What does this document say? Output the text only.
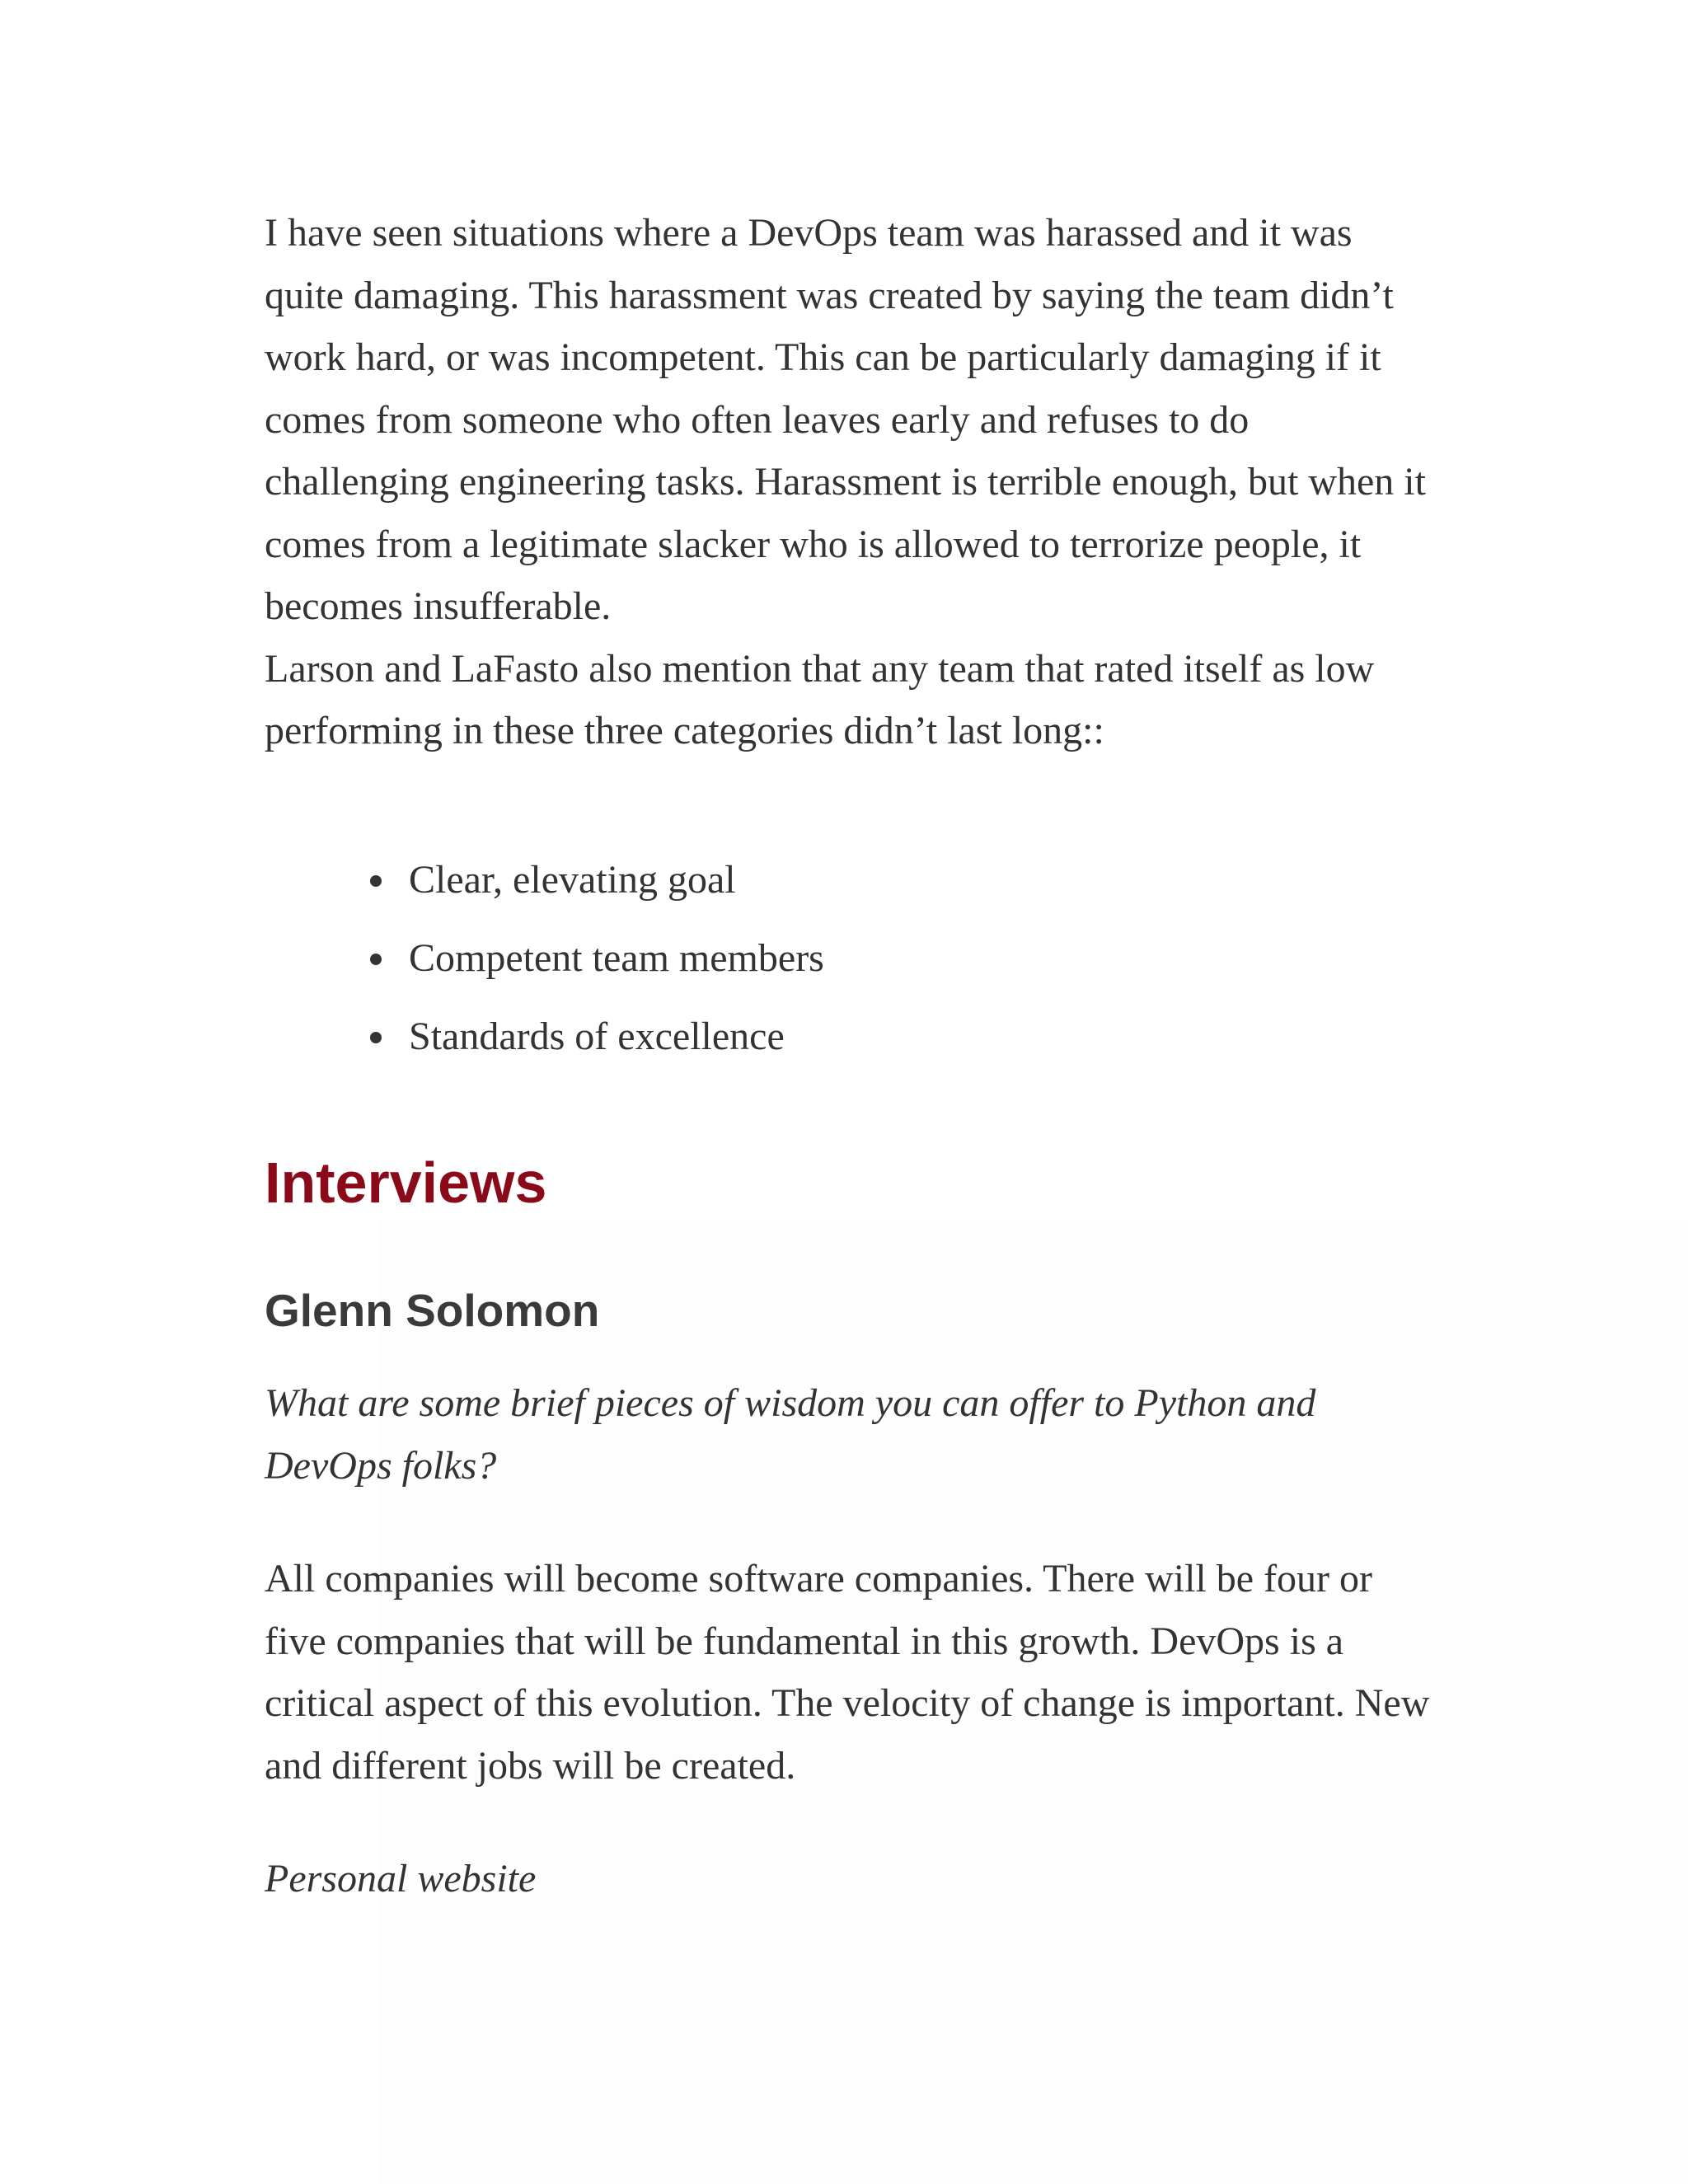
I have seen situations where a DevOps team was harassed and it was quite damaging. This harassment was created by saying the team didn’t work hard, or was incompetent. This can be particularly damaging if it comes from someone who often leaves early and refuses to do challenging engineering tasks. Harassment is terrible enough, but when it comes from a legitimate slacker who is allowed to terrorize people, it becomes insufferable.

Larson and LaFasto also mention that any team that rated itself as low performing in these three categories didn’t last long::

Clear, elevating goal
Competent team members
Standards of excellence
Interviews
Glenn Solomon

What are some brief pieces of wisdom you can offer to Python and DevOps folks?

All companies will become software companies. There will be four or five companies that will be fundamental in this growth. DevOps is a critical aspect of this evolution. The velocity of change is important. New and different jobs will be created.

Personal website
